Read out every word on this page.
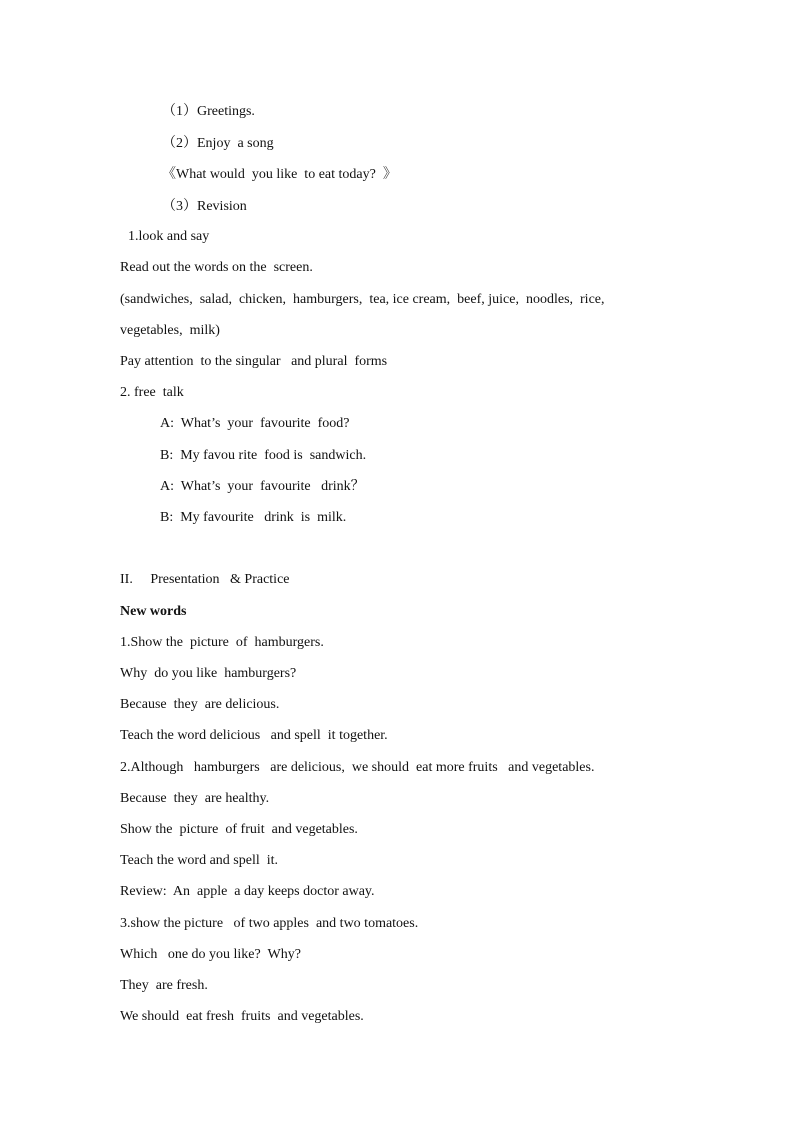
（1）Greetings.
（2）Enjoy  a song
《What would  you like  to eat today?  》
（3）Revision
1.look and say
Read out the words on the  screen.
(sandwiches,  salad,  chicken,  hamburgers,  tea, ice cream,  beef, juice,  noodles,  rice,
vegetables,  milk)
Pay attention  to the singular   and plural  forms
2. free  talk
A:  What’s  your  favourite  food?
B:  My favou rite  food is  sandwich.
A:  What’s  your  favourite   drink？
B:  My favourite   drink  is  milk.
II.     Presentation   & Practice
New words
1.Show the  picture  of  hamburgers.
Why  do you like  hamburgers?
Because  they  are delicious.
Teach the word delicious   and spell  it together.
2.Although   hamburgers   are delicious,  we should  eat more fruits   and vegetables.
Because  they  are healthy.
Show the  picture  of fruit  and vegetables.
Teach the word and spell  it.
Review:  An  apple  a day keeps doctor away.
3.show the picture   of two apples  and two tomatoes.
Which   one do you like?  Why?
They  are fresh.
We should  eat fresh  fruits  and vegetables.
